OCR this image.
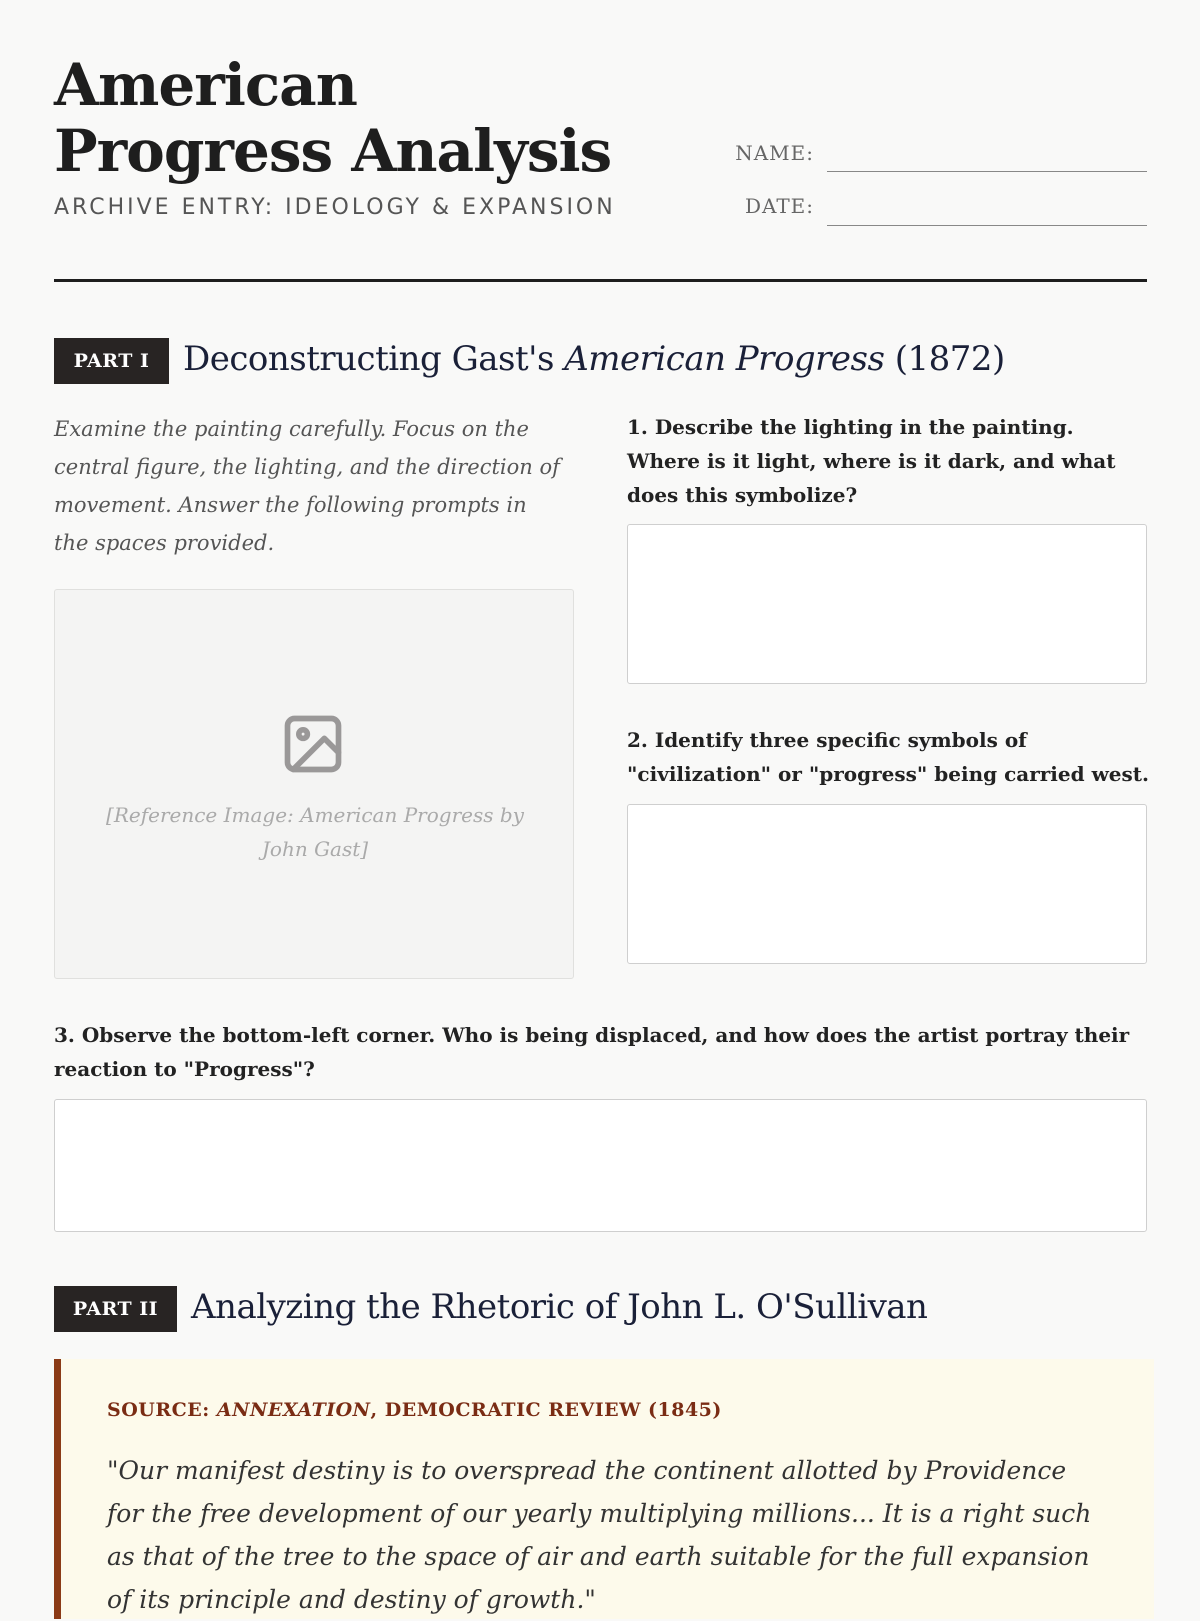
American Progress Analysis
ARCHIVE ENTRY: IDEOLOGY & EXPANSION
NAME:
DATE:
PART I Deconstructing Gast's American Progress (1872)
Examine the painting carefully. Focus on the central figure, the lighting, and the direction of movement. Answer the following prompts in the spaces provided.
[Reference Image: American Progress by John Gast]
1. Describe the lighting in the painting. Where is it light, where is it dark, and what does this symbolize?
2. Identify three specific symbols of "civilization" or "progress" being carried west.
3. Observe the bottom-left corner. Who is being displaced, and how does the artist portray their reaction to "Progress"?
PART II Analyzing the Rhetoric of John L. O'Sullivan
SOURCE: ANNEXATION, DEMOCRATIC REVIEW (1845)
"Our manifest destiny is to overspread the continent allotted by Providence for the free development of our yearly multiplying millions... It is a right such as that of the tree to the space of air and earth suitable for the full expansion of its principle and destiny of growth."
